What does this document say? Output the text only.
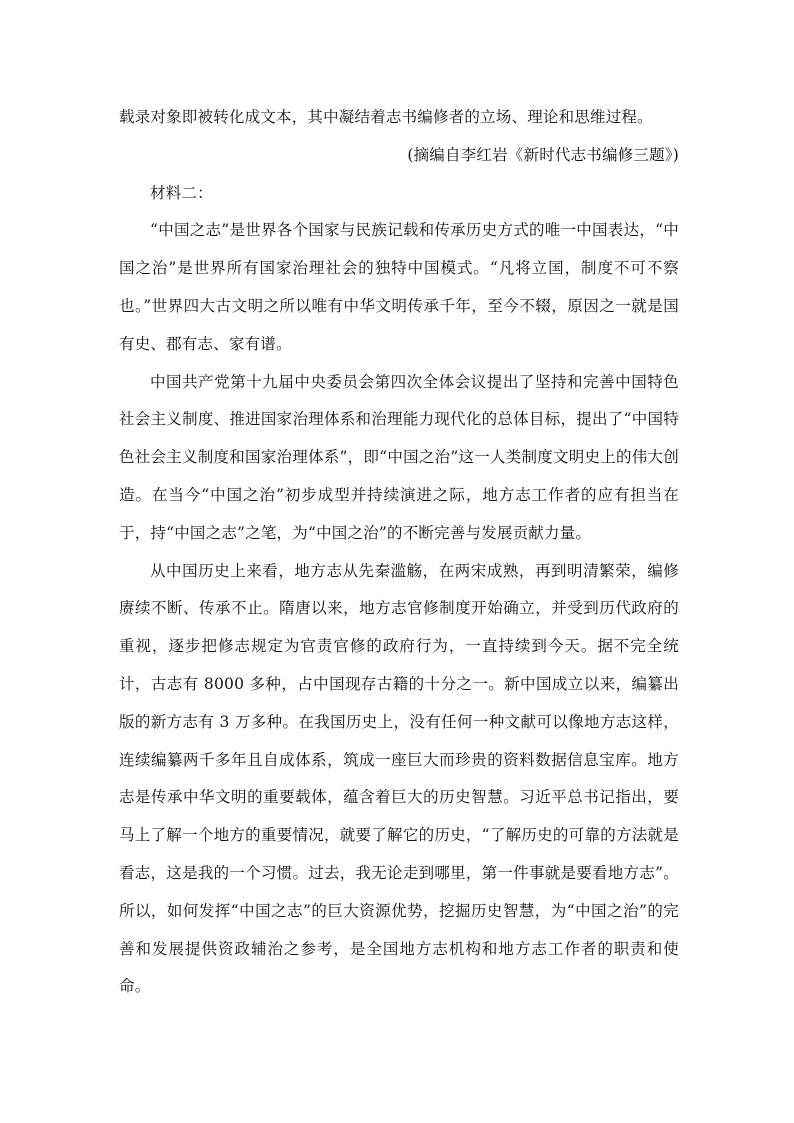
载录对象即被转化成文本，其中凝结着志书编修者的立场、理论和思维过程。

(摘编自李红岩《新时代志书编修三题》)

材料二：

“中国之志”是世界各个国家与民族记载和传承历史方式的唯一中国表达，“中国之治”是世界所有国家治理社会的独特中国模式。“凡将立国，制度不可不察也。”世界四大古文明之所以唯有中华文明传承千年，至今不辍，原因之一就是国有史、郡有志、家有谱。

中国共产党第十九届中央委员会第四次全体会议提出了坚持和完善中国特色社会主义制度、推进国家治理体系和治理能力现代化的总体目标，提出了“中国特色社会主义制度和国家治理体系”，即“中国之治”这一人类制度文明史上的伟大创造。在当今“中国之治”初步成型并持续演进之际，地方志工作者的应有担当在于，持“中国之志”之笔，为“中国之治”的不断完善与发展贡献力量。

从中国历史上来看，地方志从先秦滥觞，在两宋成熟，再到明清繁荣，编修赓续不断、传承不止。隋唐以来，地方志官修制度开始确立，并受到历代政府的重视，逐步把修志规定为官责官修的政府行为，一直持续到今天。据不完全统计，古志有 8000 多种，占中国现存古籍的十分之一。新中国成立以来，编纂出版的新方志有 3 万多种。在我国历史上，没有任何一种文献可以像地方志这样，连续编纂两千多年且自成体系，筑成一座巨大而珍贵的资料数据信息宝库。地方志是传承中华文明的重要载体，蕴含着巨大的历史智慧。习近平总书记指出，要马上了解一个地方的重要情况，就要了解它的历史，“了解历史的可靠的方法就是看志，这是我的一个习惯。过去，我无论走到哪里，第一件事就是要看地方志”。所以，如何发挥“中国之志”的巨大资源优势，挖掘历史智慧，为“中国之治”的完善和发展提供资政辅治之参考，是全国地方志机构和地方志工作者的职责和使命。
